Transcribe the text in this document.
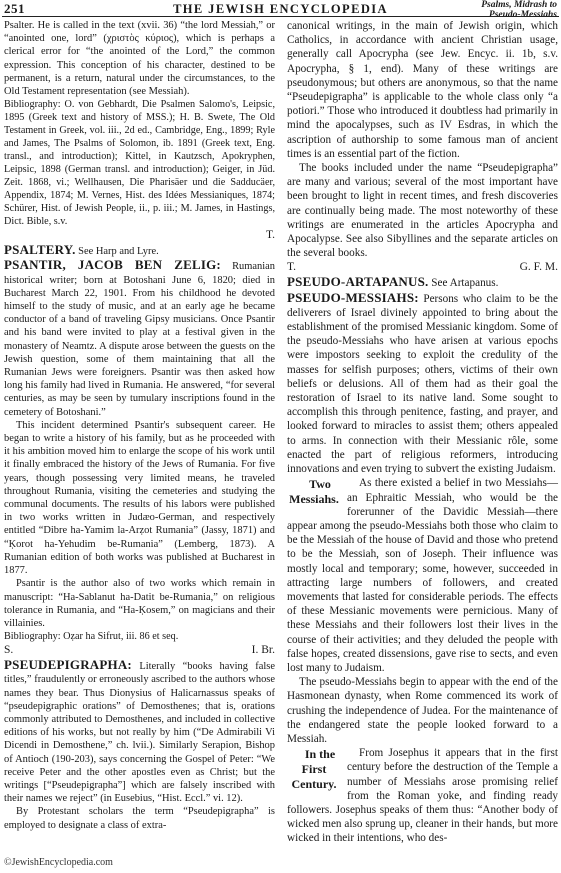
251	THE JEWISH ENCYCLOPEDIA	Psalms, Midrash to
Pseudo-Messiahs

Psalter. He is called in the text (xvii. 36) “the lord Messiah,” or “anointed one, lord” (χριστὸς κύριος), which is perhaps a clerical error for “the anointed of the Lord,” the common expression. This conception of his character, destined to be permanent, is a return, natural under the circumstances, to the Old Testament representation (see Messiah).

Bibliography: O. von Gebhardt, Die Psalmen Salomo's, Leipsic, 1895 (Greek text and history of MSS.); H. B. Swete, The Old Testament in Greek, vol. iii., 2d ed., Cambridge, Eng., 1899; Ryle and James, The Psalms of Solomon, ib. 1891 (Greek text, Eng. transl., and introduction); Kittel, in Kautzsch, Apokryphen, Leipsic, 1898 (German transl. and introduction); Geiger, in Jüd. Zeit. 1868, vi.; Wellhausen, Die Pharisäer und die Sadducäer, Appendix, 1874; M. Vernes, Hist. des Idées Messianiques, 1874; Schürer, Hist. of Jewish People, ii., p. iii.; M. James, in Hastings, Dict. Bible, s.v.

T.

PSALTERY. See Harp and Lyre.

PSANTIR, JACOB BEN ZELIG: Rumanian historical writer; born at Botoshani June 6, 1820; died in Bucharest March 22, 1901. From his childhood he devoted himself to the study of music, and at an early age he became conductor of a band of traveling Gipsy musicians. Once Psantir and his band were invited to play at a festival given in the monastery of Neamtz. A dispute arose between the guests on the Jewish question, some of them maintaining that all the Rumanian Jews were foreigners. Psantir was then asked how long his family had lived in Rumania. He answered, “for several centuries, as may be seen by tumulary inscriptions found in the cemetery of Botoshani.”

This incident determined Psantir's subsequent career. He began to write a history of his family, but as he proceeded with it his ambition moved him to enlarge the scope of his work until it finally embraced the history of the Jews of Rumania. For five years, though possessing very limited means, he traveled throughout Rumania, visiting the cemeteries and studying the communal documents. The results of his labors were published in two works written in Judæo-German, and respectively entitled “Dibre ha-Yamim la-Arẓot Rumania” (Jassy, 1871) and “Ḳorot ha-Yehudim be-Rumania” (Lemberg, 1873). A Rumanian edition of both works was published at Bucharest in 1877.

Psantir is the author also of two works which remain in manuscript: “Ha-Sablanut ha-Datit be-Rumania,” on religious tolerance in Rumania, and “Ha-Ḳosem,” on magicians and their villainies.

Bibliography: Oẓar ha Sifrut, iii. 86 et seq.

S.	I. Br.

PSEUDEPIGRAPHA: Literally “books having false titles,” fraudulently or erroneously ascribed to the authors whose names they bear. Thus Dionysius of Halicarnassus speaks of “pseudepigraphic orations” of Demosthenes; that is, orations commonly attributed to Demosthenes, and included in collective editions of his works, but not really by him (“De Admirabili Vi Dicendi in Demosthene,” ch. lvii.). Similarly Serapion, Bishop of Antioch (190-203), says concerning the Gospel of Peter: “We receive Peter and the other apostles even as Christ; but the writings [“Pseudepigrapha”] which are falsely inscribed with their names we reject” (in Eusebius, “Hist. Eccl.” vi. 12).

By Protestant scholars the term “Pseudepigrapha” is employed to designate a class of extra-

canonical writings, in the main of Jewish origin, which Catholics, in accordance with ancient Christian usage, generally call Apocrypha (see Jew. Encyc. ii. 1b, s.v. Apocrypha, § 1, end). Many of these writings are pseudonymous; but others are anonymous, so that the name “Pseudepigrapha” is applicable to the whole class only “a potiori.” Those who introduced it doubtless had primarily in mind the apocalypses, such as IV Esdras, in which the ascription of authorship to some famous man of ancient times is an essential part of the fiction.

The books included under the name “Pseudepigrapha” are many and various; several of the most important have been brought to light in recent times, and fresh discoveries are continually being made. The most noteworthy of these writings are enumerated in the articles Apocrypha and Apocalypse. See also Sibyllines and the separate articles on the several books.

T.	G. F. M.

PSEUDO-ARTAPANUS. See Artapanus.

PSEUDO-MESSIAHS: Persons who claim to be the deliverers of Israel divinely appointed to bring about the establishment of the promised Messianic kingdom. Some of the pseudo-Messiahs who have arisen at various epochs were impostors seeking to exploit the credulity of the masses for selfish purposes; others, victims of their own beliefs or delusions. All of them had as their goal the restoration of Israel to its native land. Some sought to accomplish this through penitence, fasting, and prayer, and looked forward to miracles to assist them; others appealed to arms. In connection with their Messianic rôle, some enacted the part of religious reformers, introducing innovations and even trying to subvert the existing Judaism.

Two Messiahs.
As there existed a belief in two Messiahs—an Ephraitic Messiah, who would be the forerunner of the Davidic Messiah—there appear among the pseudo-Messiahs both those who claim to be the Messiah of the house of David and those who pretend to be the Messiah, son of Joseph. Their influence was mostly local and temporary; some, however, succeeded in attracting large numbers of followers, and created movements that lasted for considerable periods. The effects of these Messianic movements were pernicious. Many of these Messiahs and their followers lost their lives in the course of their activities; and they deluded the people with false hopes, created dissensions, gave rise to sects, and even lost many to Judaism.

The pseudo-Messiahs begin to appear with the end of the Hasmonean dynasty, when Rome commenced its work of crushing the independence of Judea. For the maintenance of the endangered state the people looked forward to a Messiah.

In the First Century.
From Josephus it appears that in the first century before the destruction of the Temple a number of Messiahs arose promising relief from the Roman yoke, and finding ready followers. Josephus speaks of them thus: “Another body of wicked men also sprung up, cleaner in their hands, but more wicked in their intentions, who des-

©JewishEncyclopedia.com
